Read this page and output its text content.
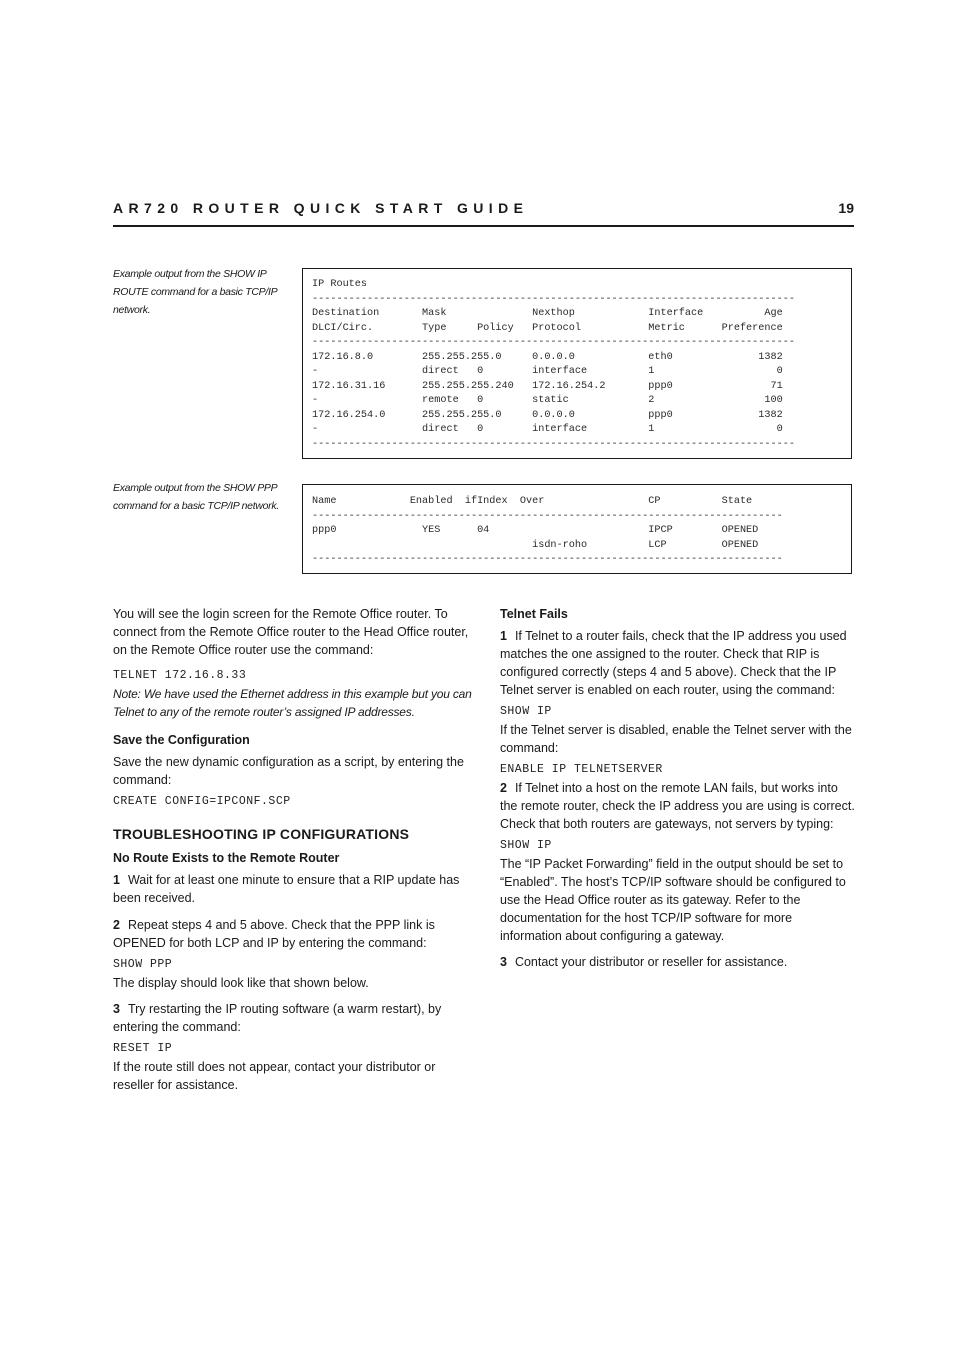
AR720 ROUTER QUICK START GUIDE	19
Example output from the SHOW IP ROUTE command for a basic TCP/IP network.
IP Routes
-------------------------------------------------------------------------------
Destination       Mask              Nexthop            Interface          Age
DLCI/Circ.        Type     Policy   Protocol           Metric      Preference
-------------------------------------------------------------------------------
172.16.8.0        255.255.255.0     0.0.0.0            eth0              1382
-                 direct   0        interface          1                    0
172.16.31.16      255.255.255.240   172.16.254.2       ppp0                71
-                 remote   0        static             2                  100
172.16.254.0      255.255.255.0     0.0.0.0            ppp0              1382
-                 direct   0        interface          1                    0
-------------------------------------------------------------------------------
Example output from the SHOW PPP command for a basic TCP/IP network.	Name            Enabled  ifIndex  Over                 CP          State
-----------------------------------------------------------------------------
ppp0              YES      04                          IPCP        OPENED
isdn-roho          LCP         OPENED
-----------------------------------------------------------------------------

You will see the login screen for the Remote Office router. To connect from the Remote Office router to the Head Office router, on the Remote Office router use the command:

TELNET 172.16.8.33

Note: We have used the Ethernet address in this example but you can Telnet to any of the remote router’s assigned IP addresses.

Save the Configuration

Save the new dynamic configuration as a script, by entering the command:

CREATE CONFIG=IPCONF.SCP

TROUBLESHOOTING IP CONFIGURATIONS

No Route Exists to the Remote Router

1 Wait for at least one minute to ensure that a RIP update has been received.

2 Repeat steps 4 and 5 above. Check that the PPP link is OPENED for both LCP and IP by entering the command:

SHOW PPP

The display should look like that shown below.

3 Try restarting the IP routing software (a warm restart), by entering the command:

RESET IP

If the route still does not appear, contact your distributor or reseller for assistance.

Telnet Fails

1 If Telnet to a router fails, check that the IP address you used matches the one assigned to the router. Check that RIP is configured correctly (steps 4 and 5 above). Check that the IP Telnet server is enabled on each router, using the command:

SHOW IP

If the Telnet server is disabled, enable the Telnet server with the command:

ENABLE IP TELNETSERVER

2 If Telnet into a host on the remote LAN fails, but works into the remote router, check the IP address you are using is correct. Check that both routers are gateways, not servers by typing:

SHOW IP

The “IP Packet Forwarding” field in the output should be set to “Enabled”. The host’s TCP/IP software should be configured to use the Head Office router as its gateway. Refer to the documentation for the host TCP/IP software for more information about configuring a gateway.

3 Contact your distributor or reseller for assistance.
